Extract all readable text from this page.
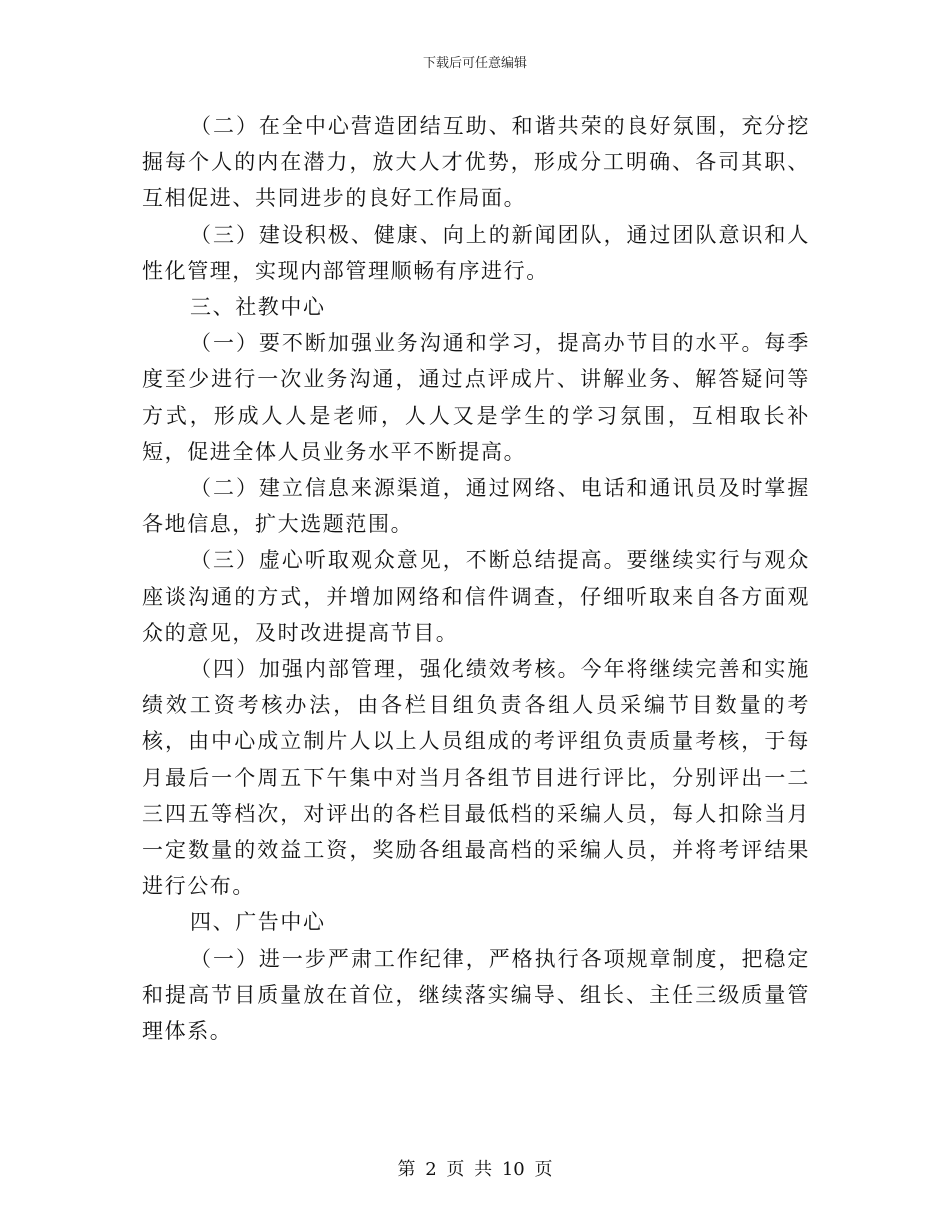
下载后可任意编辑

（二）在全中心营造团结互助、和谐共荣的良好氛围，充分挖掘每个人的内在潜力，放大人才优势，形成分工明确、各司其职、互相促进、共同进步的良好工作局面。

（三）建设积极、健康、向上的新闻团队，通过团队意识和人性化管理，实现内部管理顺畅有序进行。

三、社教中心

（一）要不断加强业务沟通和学习，提高办节目的水平。每季度至少进行一次业务沟通，通过点评成片、讲解业务、解答疑问等方式，形成人人是老师，人人又是学生的学习氛围，互相取长补短，促进全体人员业务水平不断提高。

（二）建立信息来源渠道，通过网络、电话和通讯员及时掌握各地信息，扩大选题范围。

（三）虚心听取观众意见，不断总结提高。要继续实行与观众座谈沟通的方式，并增加网络和信件调查，仔细听取来自各方面观众的意见，及时改进提高节目。

（四）加强内部管理，强化绩效考核。今年将继续完善和实施绩效工资考核办法，由各栏目组负责各组人员采编节目数量的考核，由中心成立制片人以上人员组成的考评组负责质量考核，于每月最后一个周五下午集中对当月各组节目进行评比，分别评出一二三四五等档次，对评出的各栏目最低档的采编人员，每人扣除当月一定数量的效益工资，奖励各组最高档的采编人员，并将考评结果进行公布。

四、广告中心

（一）进一步严肃工作纪律，严格执行各项规章制度，把稳定和提高节目质量放在首位，继续落实编导、组长、主任三级质量管理体系。

第 2 页 共 10 页
